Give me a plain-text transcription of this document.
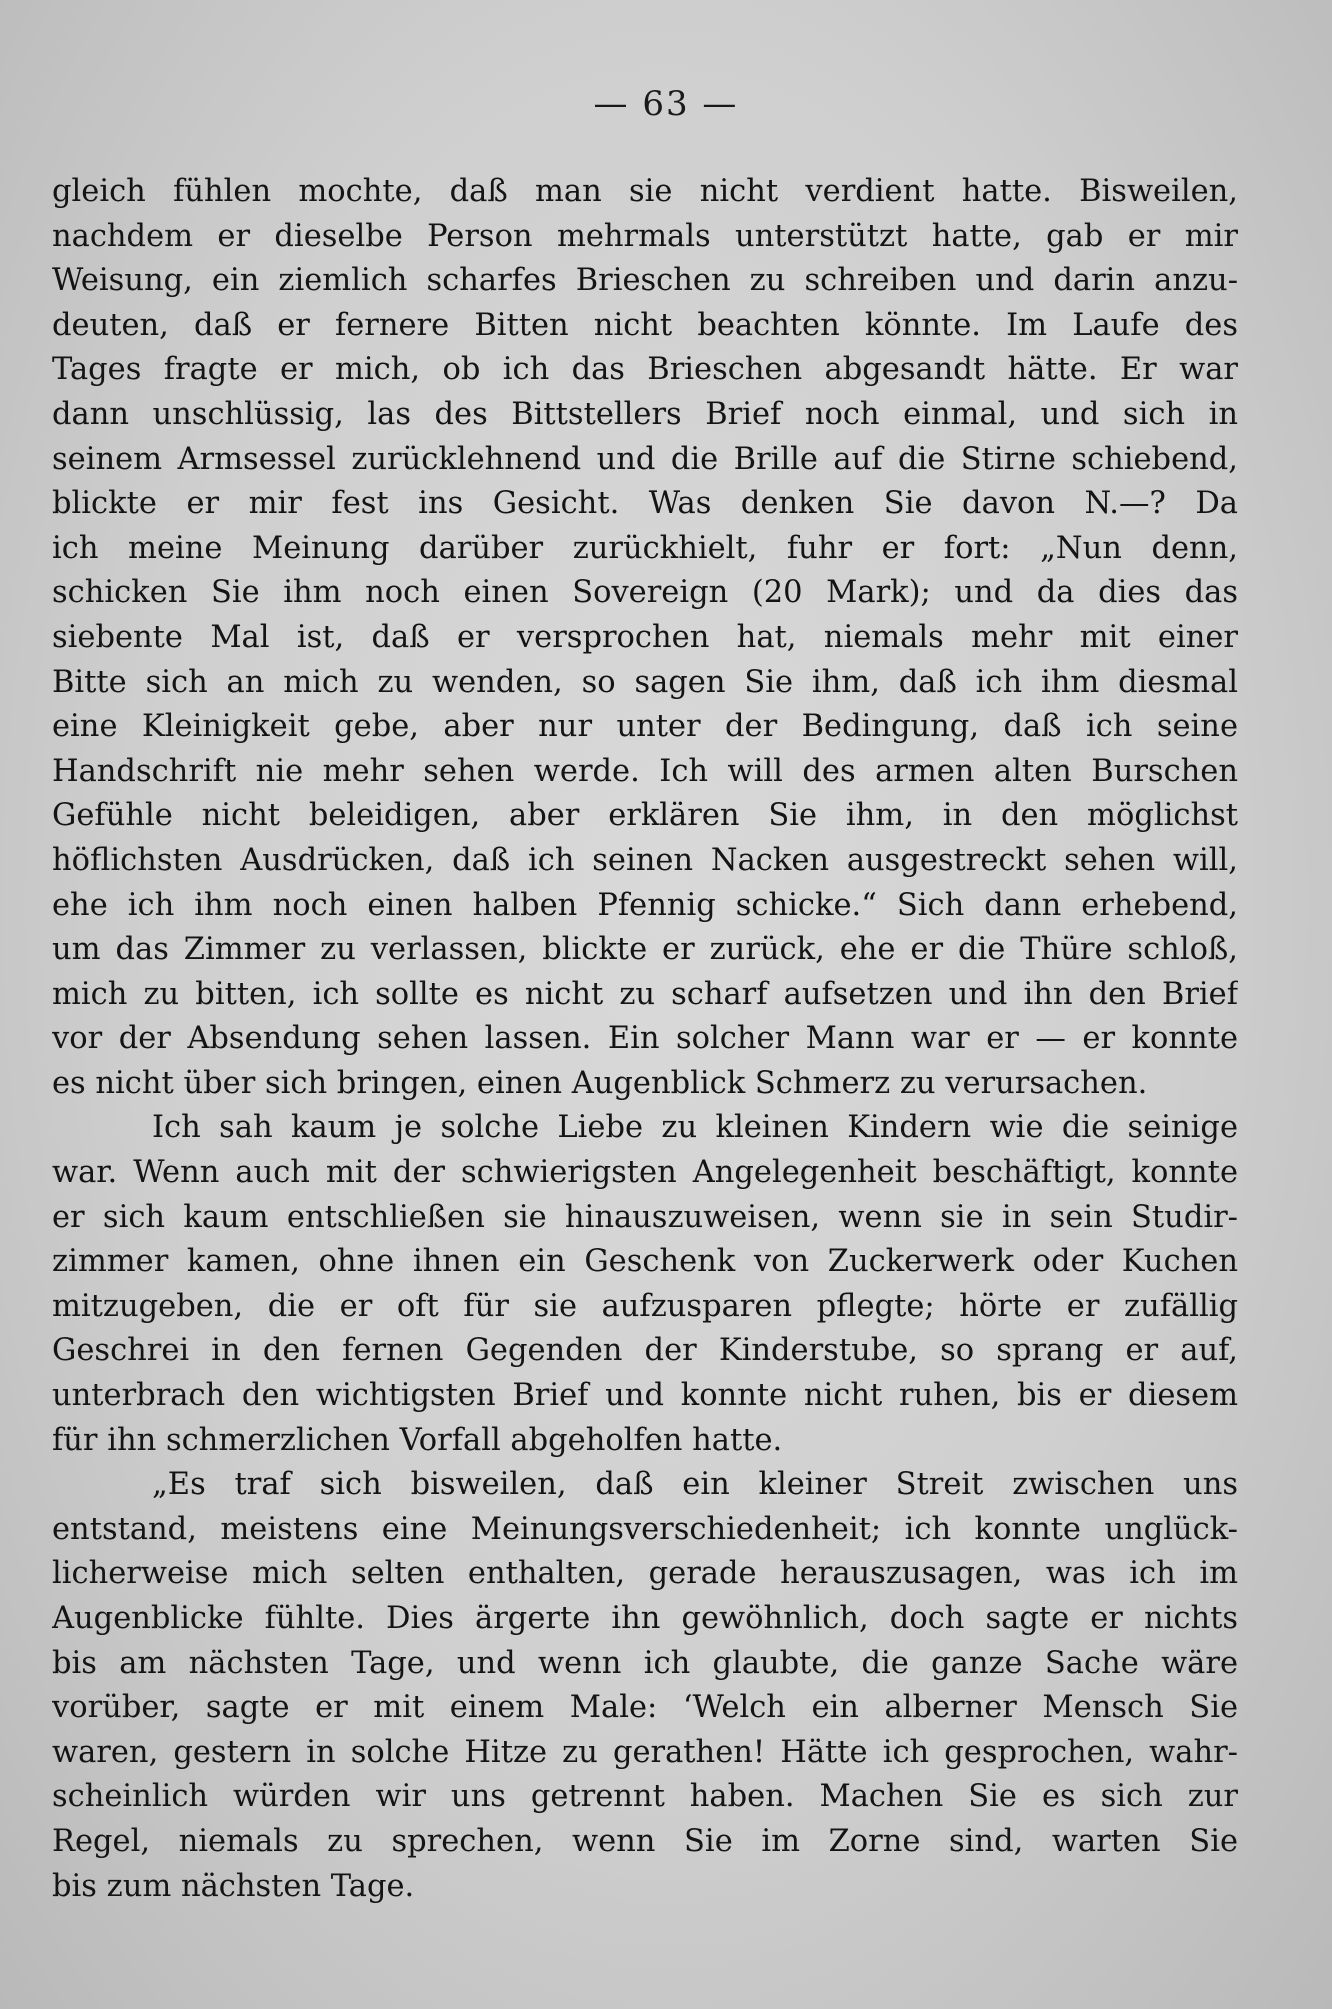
— 63 —
gleich fühlen mochte, daß man sie nicht verdient hatte. Bisweilen,
nachdem er dieselbe Person mehrmals unterstützt hatte, gab er mir
Weisung, ein ziemlich scharfes Brieschen zu schreiben und darin anzu-
deuten, daß er fernere Bitten nicht beachten könnte. Im Laufe des
Tages fragte er mich, ob ich das Brieschen abgesandt hätte. Er war
dann unschlüssig, las des Bittstellers Brief noch einmal, und sich in
seinem Armsessel zurücklehnend und die Brille auf die Stirne schiebend,
blickte er mir fest ins Gesicht. Was denken Sie davon N.—? Da
ich meine Meinung darüber zurückhielt, fuhr er fort: „Nun denn,
schicken Sie ihm noch einen Sovereign (20 Mark); und da dies das
siebente Mal ist, daß er versprochen hat, niemals mehr mit einer
Bitte sich an mich zu wenden, so sagen Sie ihm, daß ich ihm diesmal
eine Kleinigkeit gebe, aber nur unter der Bedingung, daß ich seine
Handschrift nie mehr sehen werde. Ich will des armen alten Burschen
Gefühle nicht beleidigen, aber erklären Sie ihm, in den möglichst
höflichsten Ausdrücken, daß ich seinen Nacken ausgestreckt sehen will,
ehe ich ihm noch einen halben Pfennig schicke.“ Sich dann erhebend,
um das Zimmer zu verlassen, blickte er zurück, ehe er die Thüre schloß,
mich zu bitten, ich sollte es nicht zu scharf aufsetzen und ihn den Brief
vor der Absendung sehen lassen. Ein solcher Mann war er — er konnte
es nicht über sich bringen, einen Augenblick Schmerz zu verursachen.
Ich sah kaum je solche Liebe zu kleinen Kindern wie die seinige
war. Wenn auch mit der schwierigsten Angelegenheit beschäftigt, konnte
er sich kaum entschließen sie hinauszuweisen, wenn sie in sein Studir-
zimmer kamen, ohne ihnen ein Geschenk von Zuckerwerk oder Kuchen
mitzugeben, die er oft für sie aufzusparen pflegte; hörte er zufällig
Geschrei in den fernen Gegenden der Kinderstube, so sprang er auf,
unterbrach den wichtigsten Brief und konnte nicht ruhen, bis er diesem
für ihn schmerzlichen Vorfall abgeholfen hatte.
„Es traf sich bisweilen, daß ein kleiner Streit zwischen uns
entstand, meistens eine Meinungsverschiedenheit; ich konnte unglück-
licherweise mich selten enthalten, gerade herauszusagen, was ich im
Augenblicke fühlte. Dies ärgerte ihn gewöhnlich, doch sagte er nichts
bis am nächsten Tage, und wenn ich glaubte, die ganze Sache wäre
vorüber, sagte er mit einem Male: ‘Welch ein alberner Mensch Sie
waren, gestern in solche Hitze zu gerathen! Hätte ich gesprochen, wahr-
scheinlich würden wir uns getrennt haben. Machen Sie es sich zur
Regel, niemals zu sprechen, wenn Sie im Zorne sind, warten Sie
bis zum nächsten Tage.
